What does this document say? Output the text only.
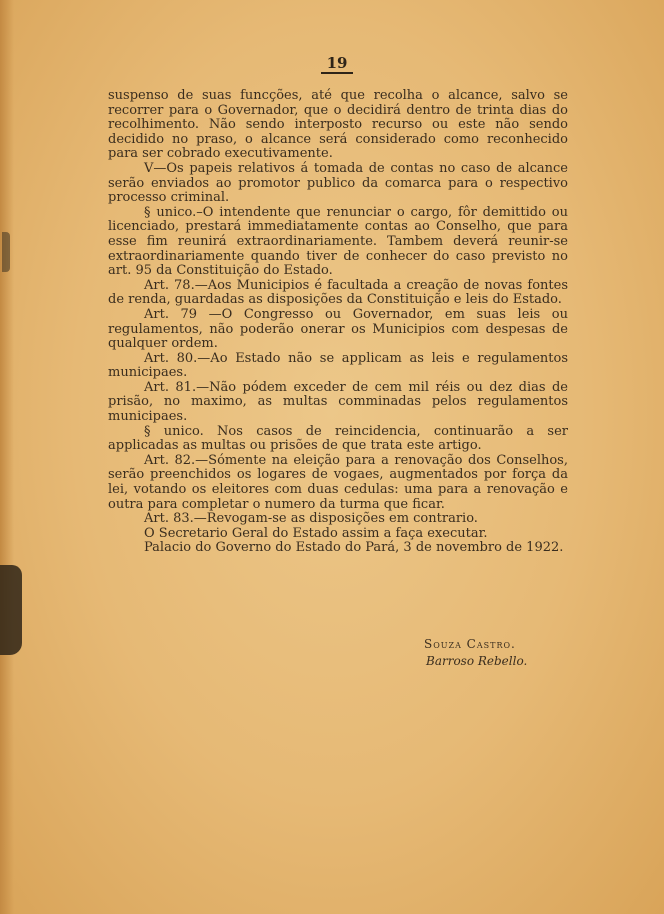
19

suspenso de suas funcções, até que recolha o alcance, salvo se recorrer para o Governador, que o decidirá dentro de trinta dias do recolhimento. Não sendo interposto recurso ou este não sendo decidido no praso, o alcance será considerado como reconhecido para ser cobrado executivamente.

V—Os papeis relativos á tomada de contas no caso de alcance serão enviados ao promotor publico da comarca para o respectivo processo criminal.

§ unico.–O intendente que renunciar o cargo, fôr demittido ou licenciado, prestará immediatamente contas ao Conselho, que para esse fim reunirá extraordinariamente. Tambem deverá reunir-se extraordinariamente quando tiver de conhecer do caso previsto no art. 95 da Constituição do Estado.

Art. 78.—Aos Municipios é facultada a creação de novas fontes de renda, guardadas as disposições da Constituição e leis do Estado.

Art. 79 —O Congresso ou Governador, em suas leis ou regulamentos, não poderão onerar os Municipios com despesas de qualquer ordem.

Art. 80.—Ao Estado não se applicam as leis e regulamentos municipaes.

Art. 81.—Não pódem exceder de cem mil réis ou dez dias de prisão, no maximo, as multas comminadas pelos regulamentos municipaes.

§ unico. Nos casos de reincidencia, continuarão a ser applicadas as multas ou prisões de que trata este artigo.

Art. 82.—Sómente na eleição para a renovação dos Conselhos, serão preenchidos os logares de vogaes, augmentados por força da lei, votando os eleitores com duas cedulas: uma para a renovação e outra para completar o numero da turma que ficar.

Art. 83.—Revogam-se as disposições em contrario.

O Secretario Geral do Estado assim a faça executar.

Palacio do Governo do Estado do Pará, 3 de novembro de 1922.

Souza Castro.
Barroso Rebello.
